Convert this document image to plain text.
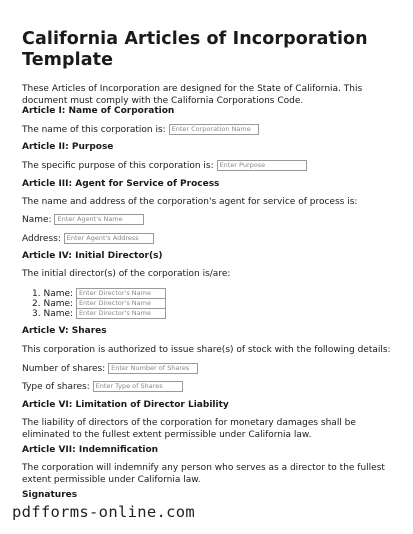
California Articles of Incorporation Template

These Articles of Incorporation are designed for the State of California. This document must comply with the California Corporations Code.

Article I: Name of Corporation
The name of this corporation is: Enter Corporation Name
Article II: Purpose
The specific purpose of this corporation is: Enter Purpose
Article III: Agent for Service of Process

The name and address of the corporation's agent for service of process is:

Name: Enter Agent's Name
Address: Enter Agent's Address
Article IV: Initial Director(s)

The initial director(s) of the corporation is/are:

1. Name: Enter Director's Name
2. Name: Enter Director's Name
3. Name: Enter Director's Name
Article V: Shares

This corporation is authorized to issue share(s) of stock with the following details:

Number of shares: Enter Number of Shares
Type of shares: Enter Type of Shares
Article VI: Limitation of Director Liability

The liability of directors of the corporation for monetary damages shall be eliminated to the fullest extent permissible under California law.

Article VII: Indemnification

The corporation will indemnify any person who serves as a director to the fullest extent permissible under California law.

Signatures
pdfforms-online.com
